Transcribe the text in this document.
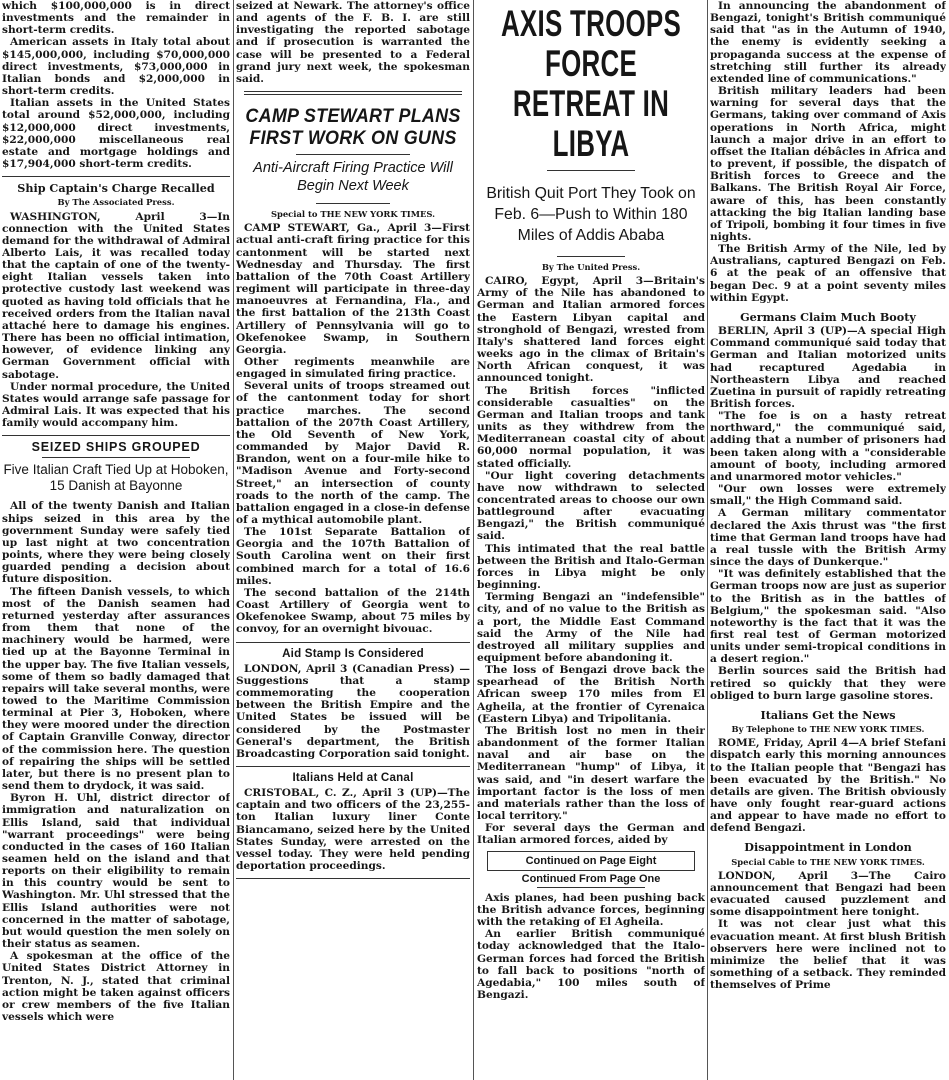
which $100,000,000 is in direct investments and the remainder in short-term credits.

American assets in Italy total about $145,000,000, including $70,000,000 direct investments, $73,000,000 in Italian bonds and $2,000,000 in short-term credits.

Italian assets in the United States total around $52,000,000, including $12,000,000 direct investments, $22,000,000 miscellaneous real estate and mortgage holdings and $17,904,000 short-term credits.

Ship Captain's Charge Recalled
By The Associated Press.

WASHINGTON, April 3—In connection with the United States demand for the withdrawal of Admiral Alberto Lais, it was recalled today that the captain of one of the twenty-eight Italian vessels taken into protective custody last weekend was quoted as having told officials that he received orders from the Italian naval attaché here to damage his engines. There has been no official intimation, however, of evidence linking any German Government official with sabotage.

Under normal procedure, the United States would arrange safe passage for Admiral Lais. It was expected that his family would accompany him.

SEIZED SHIPS GROUPED
Five Italian Craft Tied Up at Hoboken, 15 Danish at Bayonne

All of the twenty Danish and Italian ships seized in this area by the government Sunday were safely tied up last night at two concentration points, where they were being closely guarded pending a decision about future disposition.

The fifteen Danish vessels, to which most of the Danish seamen had returned yesterday after assurances from them that none of the machinery would be harmed, were tied up at the Bayonne Terminal in the upper bay. The five Italian vessels, some of them so badly damaged that repairs will take several months, were towed to the Maritime Commission terminal at Pier 3, Hoboken, where they were moored under the direction of Captain Granville Conway, director of the commission here. The question of repairing the ships will be settled later, but there is no present plan to send them to drydock, it was said.

Byron H. Uhl, district director of immigration and naturalization on Ellis Island, said that individual "warrant proceedings" were being conducted in the cases of 160 Italian seamen held on the island and that reports on their eligibility to remain in this country would be sent to Washington. Mr. Uhl stressed that the Ellis Island authorities were not concerned in the matter of sabotage, but would question the men solely on their status as seamen.

A spokesman at the office of the United States District Attorney in Trenton, N. J., stated that criminal action might be taken against officers or crew members of the five Italian vessels which were

seized at Newark. The attorney's office and agents of the F. B. I. are still investigating the reported sabotage and if prosecution is warranted the case will be presented to a Federal grand jury next week, the spokesman said.

CAMP STEWART PLANS FIRST WORK ON GUNS
Anti-Aircraft Firing Practice Will Begin Next Week
Special to THE NEW YORK TIMES.

CAMP STEWART, Ga., April 3—First actual anti-craft firing practice for this cantonment will be started next Wednesday and Thursday. The first battalion of the 70th Coast Artillery regiment will participate in three-day manoeuvres at Fernandina, Fla., and the first battalion of the 213th Coast Artillery of Pennsylvania will go to Okefenokee Swamp, in Southern Georgia.

Other regiments meanwhile are engaged in simulated firing practice.

Several units of troops streamed out of the cantonment today for short practice marches. The second battalion of the 207th Coast Artillery, the Old Seventh of New York, commanded by Major David R. Brandon, went on a four-mile hike to "Madison Avenue and Forty-second Street," an intersection of county roads to the north of the camp. The battalion engaged in a close-in defense of a mythical automobile plant.

The 101st Separate Battalion of Georgia and the 107th Battalion of South Carolina went on their first combined march for a total of 16.6 miles.

The second battalion of the 214th Coast Artillery of Georgia went to Okefenokee Swamp, about 75 miles by convoy, for an overnight bivouac.

Aid Stamp Is Considered

LONDON, April 3 (Canadian Press) — Suggestions that a stamp commemorating the cooperation between the British Empire and the United States be issued will be considered by the Postmaster General's department, the British Broadcasting Corporation said tonight.

Italians Held at Canal

CRISTOBAL, C. Z., April 3 (UP)—The captain and two officers of the 23,255-ton Italian luxury liner Conte Biancamano, seized here by the United States Sunday, were arrested on the vessel today. They were held pending deportation proceedings.

AXIS TROOPS FORCE RETREAT IN LIBYA
British Quit Port They Took on Feb. 6—Push to Within 180 Miles of Addis Ababa
By The United Press.

CAIRO, Egypt, April 3—Britain's Army of the Nile has abandoned to German and Italian armored forces the Eastern Libyan capital and stronghold of Bengazi, wrested from Italy's shattered land forces eight weeks ago in the climax of Britain's North African conquest, it was announced tonight.

The British forces "inflicted considerable casualties" on the German and Italian troops and tank units as they withdrew from the Mediterranean coastal city of about 60,000 normal population, it was stated officially.

"Our light covering detachments have now withdrawn to selected concentrated areas to choose our own battleground after evacuating Bengazi," the British communiqué said.

This intimated that the real battle between the British and Italo-German forces in Libya might be only beginning.

Terming Bengazi an "indefensible" city, and of no value to the British as a port, the Middle East Command said the Army of the Nile had destroyed all military supplies and equipment before abandoning it.

The loss of Bengazi drove back the spearhead of the British North African sweep 170 miles from El Agheila, at the frontier of Cyrenaica (Eastern Libya) and Tripolitania.

The British lost no men in their abandonment of the former Italian naval and air base on the Mediterranean "hump" of Libya, it was said, and "in desert warfare the important factor is the loss of men and materials rather than the loss of local territory."

For several days the German and Italian armored forces, aided by

Continued on Page Eight
Continued From Page One

Axis planes, had been pushing back the British advance forces, beginning with the retaking of El Agheila.

An earlier British communiqué today acknowledged that the Italo-German forces had forced the British to fall back to positions "north of Agedabia," 100 miles south of Bengazi.

In announcing the abandonment of Bengazi, tonight's British communiqué said that "as in the Autumn of 1940, the enemy is evidently seeking a propaganda success at the expense of stretching still further its already extended line of communications."

British military leaders had been warning for several days that the Germans, taking over command of Axis operations in North Africa, might launch a major drive in an effort to offset the Italian débâcles in Africa and to prevent, if possible, the dispatch of British forces to Greece and the Balkans. The British Royal Air Force, aware of this, has been constantly attacking the big Italian landing base of Tripoli, bombing it four times in five nights.

The British Army of the Nile, led by Australians, captured Bengazi on Feb. 6 at the peak of an offensive that began Dec. 9 at a point seventy miles within Egypt.

Germans Claim Much Booty

BERLIN, April 3 (UP)—A special High Command communiqué said today that German and Italian motorized units had recaptured Agedabia in Northeastern Libya and reached Zuetina in pursuit of rapidly retreating British forces.

"The foe is on a hasty retreat northward," the communiqué said, adding that a number of prisoners had been taken along with a "considerable amount of booty, including armored and unarmored motor vehicles."

"Our own losses were extremely small," the High Command said.

A German military commentator declared the Axis thrust was "the first time that German land troops have had a real tussle with the British Army since the days of Dunkerque."

"It was definitely established that the German troops now are just as superior to the British as in the battles of Belgium," the spokesman said. "Also noteworthy is the fact that it was the first real test of German motorized units under semi-tropical conditions in a desert region."

Berlin sources said the British had retired so quickly that they were obliged to burn large gasoline stores.

Italians Get the News
By Telephone to THE NEW YORK TIMES.

ROME, Friday, April 4—A brief Stefani dispatch early this morning announces to the Italian people that "Bengazi has been evacuated by the British." No details are given. The British obviously have only fought rear-guard actions and appear to have made no effort to defend Bengazi.

Disappointment in London
Special Cable to THE NEW YORK TIMES.

LONDON, April 3—The Cairo announcement that Bengazi had been evacuated caused puzzlement and some disappointment here tonight.

It was not clear just what this evacuation meant. At first blush British observers here were inclined not to minimize the belief that it was something of a setback. They reminded themselves of Prime
